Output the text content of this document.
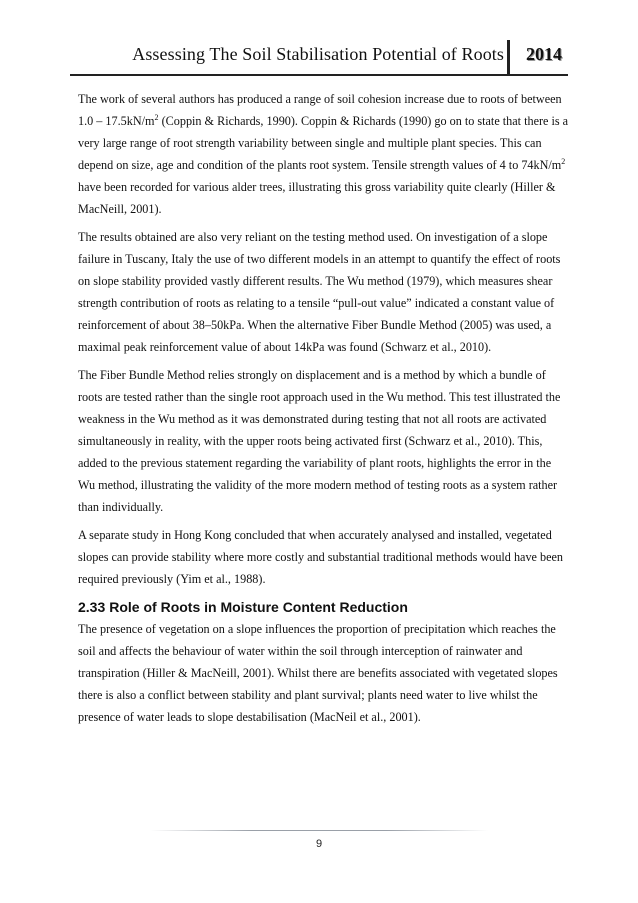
Assessing The Soil Stabilisation Potential of Roots 2014

The work of several authors has produced a range of soil cohesion increase due to roots of between $1.0 - 17.5kN/m^2$ (Coppin & Richards, 1990). Coppin & Richards (1990) go on to state that there is a very large range of root strength variability between single and multiple plant species. This can depend on size, age and condition of the plants root system. Tensile strength values of 4 to $74kN/m^2$ have been recorded for various alder trees, illustrating this gross variability quite clearly (Hiller & MacNeill, 2001).

The results obtained are also very reliant on the testing method used. On investigation of a slope failure in Tuscany, Italy the use of two different models in an attempt to quantify the effect of roots on slope stability provided vastly different results. The Wu method (1979), which measures shear strength contribution of roots as relating to a tensile “pull-out value” indicated a constant value of reinforcement of about 38–50kPa. When the alternative Fiber Bundle Method (2005) was used, a maximal peak reinforcement value of about 14kPa was found (Schwarz et al., 2010).

The Fiber Bundle Method relies strongly on displacement and is a method by which a bundle of roots are tested rather than the single root approach used in the Wu method. This test illustrated the weakness in the Wu method as it was demonstrated during testing that not all roots are activated simultaneously in reality, with the upper roots being activated first (Schwarz et al., 2010). This, added to the previous statement regarding the variability of plant roots, highlights the error in the Wu method, illustrating the validity of the more modern method of testing roots as a system rather than individually.

A separate study in Hong Kong concluded that when accurately analysed and installed, vegetated slopes can provide stability where more costly and substantial traditional methods would have been required previously (Yim et al., 1988).

2.33 Role of Roots in Moisture Content Reduction

The presence of vegetation on a slope influences the proportion of precipitation which reaches the soil and affects the behaviour of water within the soil through interception of rainwater and transpiration (Hiller & MacNeill, 2001). Whilst there are benefits associated with vegetated slopes there is also a conflict between stability and plant survival; plants need water to live whilst the presence of water leads to slope destabilisation (MacNeil et al., 2001).

9
